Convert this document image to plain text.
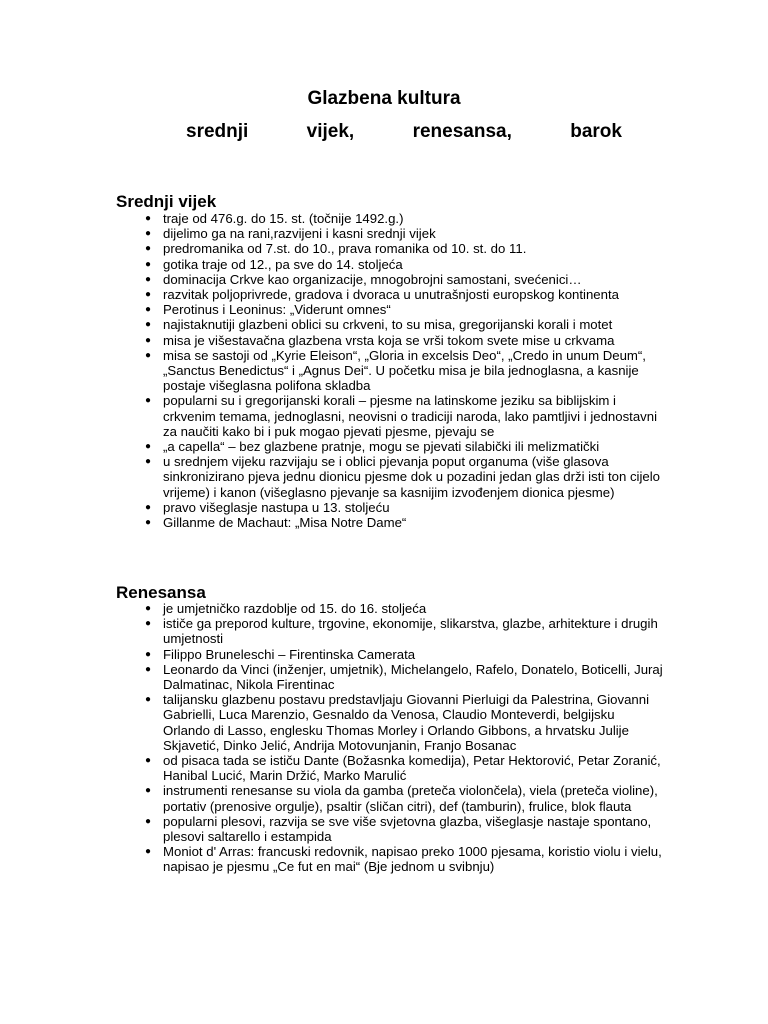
Glazbena kultura
srednji	vijek,	renesansa,	barok
Srednji vijek
● traje od 476.g. do 15. st. (točnije 1492.g.)
● dijelimo ga na rani,razvijeni i kasni srednji vijek
● predromanika od 7.st. do 10., prava romanika od 10. st. do 11.
● gotika traje od 12., pa sve do 14. stoljeća
● dominacija Crkve kao organizacije, mnogobrojni samostani, svećenici…
● razvitak poljoprivrede, gradova i dvoraca u unutrašnjosti europskog kontinenta
● Perotinus i Leoninus: „Viderunt omnes“
● najistaknutiji glazbeni oblici su crkveni, to su misa, gregorijanski korali i motet
● misa je višestavačna glazbena vrsta koja se vrši tokom svete mise u crkvama
● misa se sastoji od „Kyrie Eleison“, „Gloria in excelsis Deo“, „Credo in unum Deum“, „Sanctus Benedictus“ i „Agnus Dei“. U početku misa je bila jednoglasna, a kasnije postaje višeglasna polifona skladba
● popularni su i gregorijanski korali – pjesme na latinskome jeziku sa biblijskim i crkvenim temama, jednoglasni, neovisni o tradiciji naroda, lako pamtljivi i jednostavni za naučiti kako bi i puk mogao pjevati pjesme, pjevaju se
● „a capella“ – bez glazbene pratnje, mogu se pjevati silabički ili melizmatički
● u srednjem vijeku razvijaju se i oblici pjevanja poput organuma (više glasova sinkronizirano pjeva jednu dionicu pjesme dok u pozadini jedan glas drži isti ton cijelo vrijeme) i kanon (višeglasno pjevanje sa kasnijim izvođenjem dionica pjesme)
● pravo višeglasje nastupa u 13. stoljeću
● Gillanme de Machaut: „Misa Notre Dame“
Renesansa
● je umjetničko razdoblje od 15. do 16. stoljeća
● ističe ga preporod kulture, trgovine, ekonomije, slikarstva, glazbe, arhitekture i drugih umjetnosti
● Filippo Bruneleschi – Firentinska Camerata
● Leonardo da Vinci (inženjer, umjetnik), Michelangelo, Rafelo, Donatelo, Boticelli, Juraj Dalmatinac, Nikola Firentinac
● talijansku glazbenu postavu predstavljaju Giovanni Pierluigi da Palestrina, Giovanni Gabrielli, Luca Marenzio, Gesnaldo da Venosa, Claudio Monteverdi, belgijsku Orlando di Lasso, englesku Thomas Morley i Orlando Gibbons, a hrvatsku Julije Skjavetić, Dinko Jelić, Andrija Motovunjanin, Franjo Bosanac
● od pisaca tada se ističu Dante (Božasnka komedija), Petar Hektorović, Petar Zoranić, Hanibal Lucić, Marin Držić, Marko Marulić
● instrumenti renesanse su viola da gamba (preteča violončela), viela (preteča violine), portativ (prenosive orgulje), psaltir (sličan citri), def (tamburin), frulice, blok flauta
● popularni plesovi, razvija se sve više svjetovna glazba, višeglasje nastaje spontano, plesovi saltarello i estampida
● Moniot d' Arras: francuski redovnik, napisao preko 1000 pjesama, koristio violu i vielu, napisao je pjesmu „Ce fut en mai“ (Bje jednom u svibnju)
